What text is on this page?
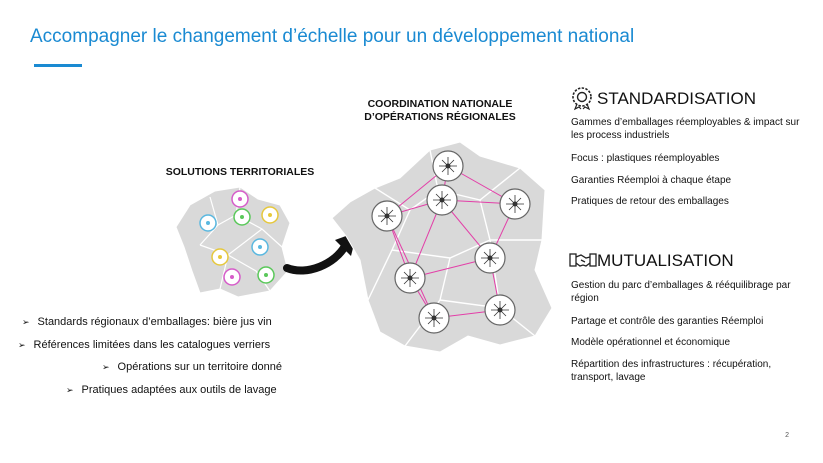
Accompagner le changement d’échelle pour un développement national
SOLUTIONS TERRITORIALES
➢ Standards régionaux d’emballages: bière jus vin
➢ Références limitées dans les catalogues verriers
➢ Opérations sur un territoire donné
➢ Pratiques adaptées aux outils de lavage
COORDINATION NATIONALE
D’OPÉRATIONS RÉGIONALES
STANDARDISATION
Gammes d’emballages réemployables & impact sur les process industriels
Focus : plastiques réemployables
Garanties Réemploi à chaque étape
Pratiques de retour des emballages
MUTUALISATION
Gestion du parc d’emballages & rééquilibrage par région
Partage et contrôle des garanties Réemploi
Modèle opérationnel et économique
Répartition des infrastructures : récupération, transport, lavage
2
